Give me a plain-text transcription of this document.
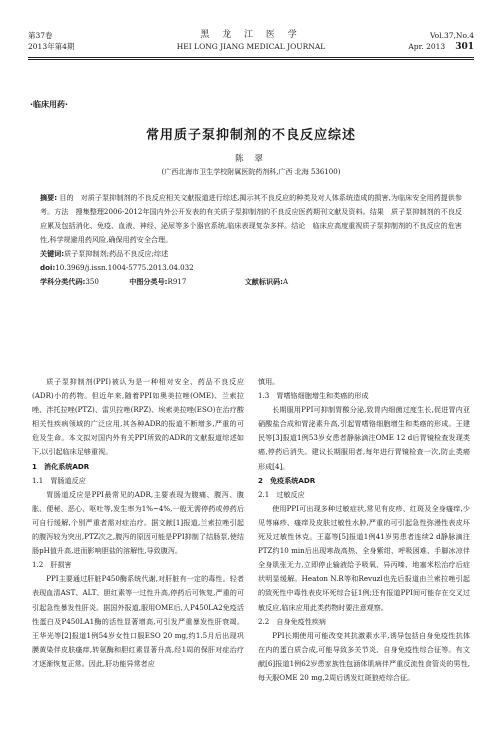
第37卷
2013年第4期
黑 龙 江 医 学
HEI LONG JIANG MEDICAL JOURNAL
Vol.37,No.4
Apr. 2013 301
·临床用药·
常用质子泵抑制剂的不良反应综述
陈 翠
(广西北海市卫生学校附属医院药剂科,广西 北海 536100)
摘要: 目的　对质子泵抑制剂的不良反应相关文献报道进行综述,揭示其不良反应的种类及对人体系统造成的损害,为临床安全用药提供参考。方法　搜集整理2006-2012年国内外公开发表的有关质子泵抑制剂的不良反应医药期刊文献及资料。结果　质子泵抑制剂的不良反应累及包括消化、免疫、血液、神经、泌尿等多个器官系统,临床表现复杂多样。结论　临床应高度重视质子泵抑制剂的不良反应的危害性,科学规避用药风险,确保用药安全合理。
关键词:质子泵抑制剂;药品不良反应;综述
doi:10.3969/j.issn.1004-5775.2013.04.032
学科分类代码:350	中图分类号:R917	文献标识码:A

质子泵抑制剂(PPI)被认为是一种相对安全、药品不良反应(ADR)小的药物。但近年来,随着PPI如奥美拉唑(OME)、兰索拉唑、泮托拉唑(PTZ)、雷贝拉唑(RPZ)、埃索美拉唑(ESO)在治疗酸相关性疾病领域的广泛应用,其各种ADR的报道不断增多,严重的可危及生命。本文拟对国内外有关PPI所致的ADR的文献报道综述如下,以引起临床足够重视。

1　消化系统ADR

1.1　胃肠道反应

胃肠道反应是PPI最常见的ADR,主要表现为腹痛、腹泻、腹胀、便秘、恶心、呕吐等,发生率为1%~4%,一般无需停药或停药后可自行缓解,个别严重者需对症治疗。据文献[1]报道,兰索拉唑引起的腹泻较为突出,PTZ次之,腹泻的原因可能是PPI抑制了结肠泵,使结肠pH值升高,进而影响胆盐的溶解性,导致腹泻。

1.2　肝损害

PPI主要通过肝脏P450酶系统代谢,对肝脏有一定的毒性。轻者表现血清AST、ALT、胆红素等一过性升高,停药后可恢复,严重的可引起急性暴发性肝炎。据国外报道,服用OME后,人P450LA2免疫活性蛋白及P450LA1酶的活性显著增高,可引发严重暴发性肝衰竭。王华光等[2]报道1例54岁女性口服ESO 20 mg,约1.5月后出现巩膜黄染伴皮肤瘙痒,转氨酶和胆红素显著升高,经1周的保肝对症治疗才逐渐恢复正常。因此,肝功能异常者应

慎用。

1.3　胃嗜铬细胞增生和类癌的形成

长期服用PPI可抑制胃酸分泌,致胃内细菌过度生长,促进胃内亚硝酸盐合成和胃泌素升高,引起胃嗜铬细胞增生和类癌的形成。王建民等[3]报道1例53岁女患者静脉滴注OME 12 d后胃镜检查发现类癌,停药后消失。建议长期服用者,每年进行胃镜检查一次,防止类癌形成[4]。

2　免疫系统ADR

2.1　过敏反应

使用PPI可出现多种过敏症状,常见有皮疹、红斑及全身瘙痒,少见荨麻疹、瘙痒及皮肤过敏性水肿,严重的可引起急性弥漫性表皮坏死及过敏性休克。王嘉等[5]报道1例41岁男患者连续2 d静脉滴注PTZ约10 min后出现寒战高热、全身紫绀、呼吸困难、手脚冰凉伴全身肌张无力,立即停止输液给予吸氧、异丙嗪、地塞米松治疗后症状明显缓解。Heaton N.R等和Revuzl也先后报道由兰索拉唑引起的致死性中毒性表皮坏死综合征1例;还有报道PPI间可能存在交叉过敏反应,临床应用此类药物时要注意观察。

2.2　自身免疫性疾病

PPI长期使用可能改变其抗激素水平,诱导包括自身免疫性抗体在内的蛋白质合成,可能导致多关节炎、自身免疫性综合征等。有文献[6]报道1例62岁患家族性包涵体肌病伴严重反流性食管炎的男性,每天服OME 20 mg,2周后诱发红斑狼疮综合征。
